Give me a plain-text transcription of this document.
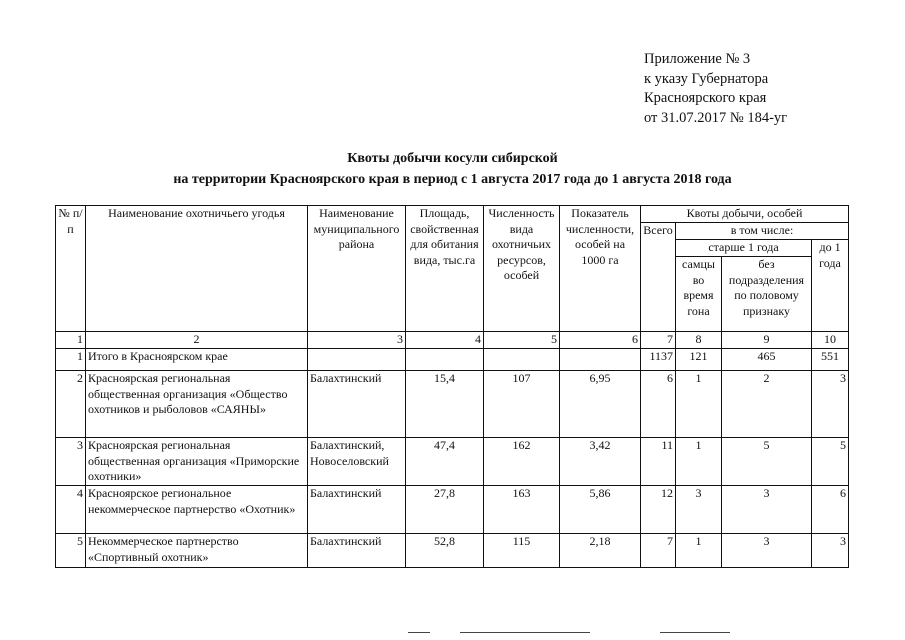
Приложение № 3
к указу Губернатора
Красноярского края
от 31.07.2017 № 184-уг
Квоты добычи косули сибирской
на территории Красноярского края в период с 1 августа 2017 года до 1 августа 2018 года
№ п/п	Наименование охотничьего угодья	Наименование муниципального района	Площадь, свойственная для обитания вида, тыс.га	Численность вида охотничьих ресурсов, особей	Показатель численности, особей на 1000 га	Квоты добычи, особей			
						Всего	в том числе:		
							старше 1 года		до 1 года
							самцы во время гона	без подразделения по половому признаку	
1	2	3	4	5	6	7	8	9	10
1	Итого в Красноярском крае					1137	121	465	551
2	Красноярская региональная общественная организация «Общество охотников и рыболовов «САЯНЫ»	Балахтинский	15,4	107	6,95	6	1	2	3
3	Красноярская региональная общественная организация «Приморские охотники»	Балахтинский, Новоселовский	47,4	162	3,42	11	1	5	5
4	Красноярское региональное некоммерческое партнерство «Охотник»	Балахтинский	27,8	163	5,86	12	3	3	6
5	Некоммерческое партнерство «Спортивный охотник»	Балахтинский	52,8	115	2,18	7	1	3	3
